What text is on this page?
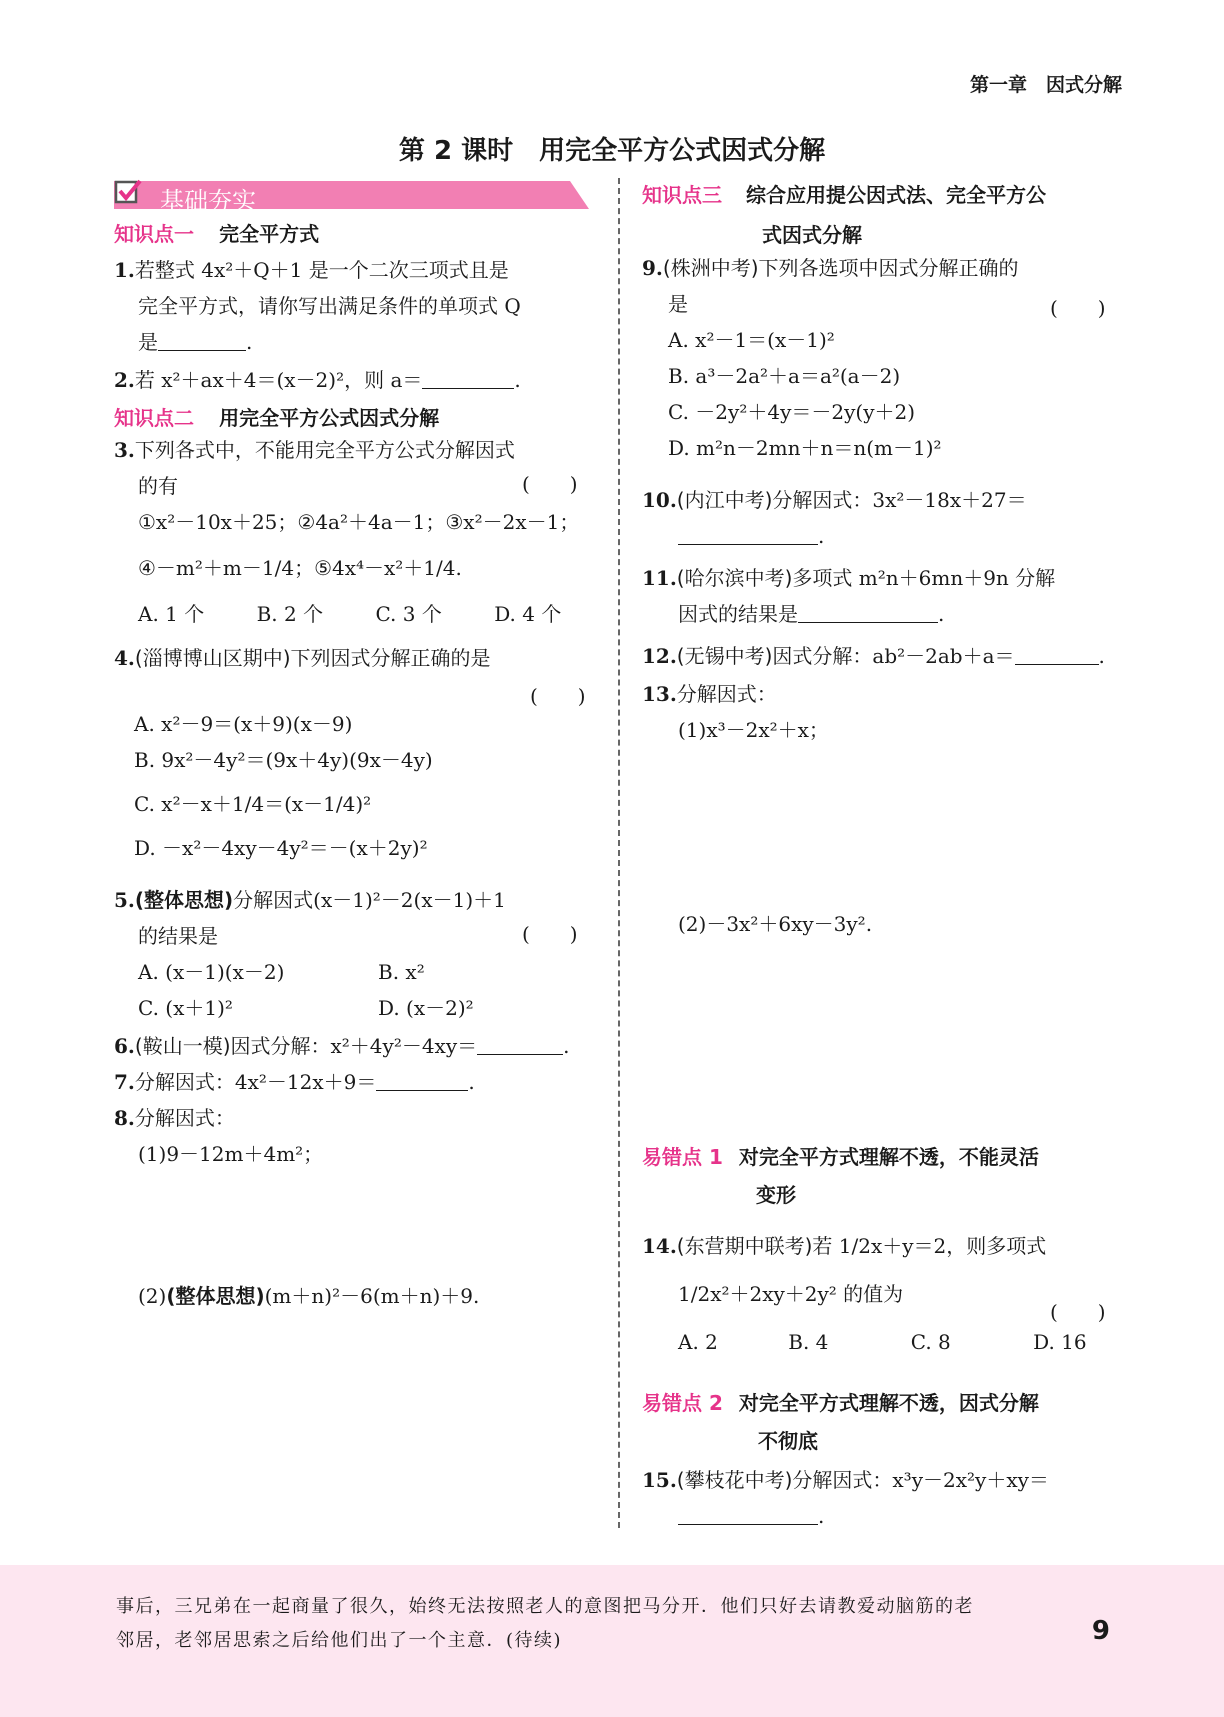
第一章　因式分解
第 2 课时　用完全平方公式因式分解
基础夯实
知识点一 完全平方式
1.若整式 4x²＋Q＋1 是一个二次三项式且是
完全平方式，请你写出满足条件的单项式 Q
是	.
2.若 x²＋ax＋4＝(x－2)²，则 a＝	.
知识点二 用完全平方公式因式分解
3.下列各式中，不能用完全平方公式分解因式
的有
①x²－10x＋25；②4a²＋4a－1；③x²－2x－1；
④－m²＋m－1/4；⑤4x⁴－x²＋1/4.
A. 1 个	B. 2 个	C. 3 个	D. 4 个
(　　)
4.(淄博博山区期中)下列因式分解正确的是
A. x²－9＝(x＋9)(x－9)
B. 9x²－4y²＝(9x＋4y)(9x－4y)
C. x²－x＋1/4＝(x－1/4)²
D. －x²－4xy－4y²＝－(x＋2y)²
(　　)
5.(整体思想)分解因式(x－1)²－2(x－1)＋1
的结果是
A. (x－1)(x－2)	B. x²
C. (x＋1)²	D. (x－2)²
(　　)
6.(鞍山一模)因式分解：x²＋4y²－4xy＝	.
7.分解因式：4x²－12x＋9＝	.
8.分解因式：
(1)9－12m＋4m²；
(2)(整体思想)(m＋n)²－6(m＋n)＋9.
知识点三 综合应用提公因式法、完全平方公
式因式分解
9.(株洲中考)下列各选项中因式分解正确的
是
A. x²－1＝(x－1)²
B. a³－2a²＋a＝a²(a－2)
C. －2y²＋4y＝－2y(y＋2)
D. m²n－2mn＋n＝n(m－1)²
(　　)
10.(内江中考)分解因式：3x²－18x＋27＝
.
11.(哈尔滨中考)多项式 m²n＋6mn＋9n 分解
因式的结果是	.
12.(无锡中考)因式分解：ab²－2ab＋a＝	.
13.分解因式：
(1)x³－2x²＋x；
(2)－3x²＋6xy－3y².
易错点 1 对完全平方式理解不透，不能灵活
变形
14.(东营期中联考)若 1/2x＋y＝2，则多项式
1/2x²＋2xy＋2y² 的值为
A. 2	B. 4	C. 8	D. 16
(　　)
易错点 2 对完全平方式理解不透，因式分解
不彻底
15.(攀枝花中考)分解因式：x³y－2x²y＋xy＝
.
事后，三兄弟在一起商量了很久，始终无法按照老人的意图把马分开．他们只好去请教爱动脑筋的老
邻居，老邻居思索之后给他们出了一个主意．(待续)	9
